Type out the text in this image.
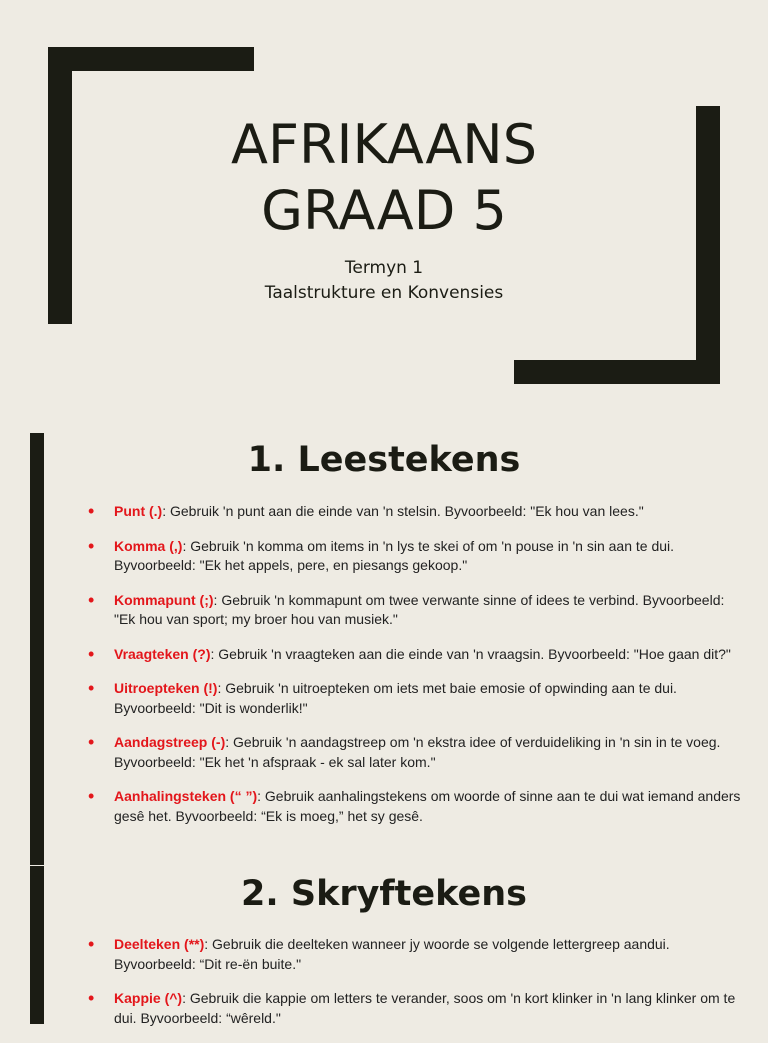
AFRIKAANS
GRAAD 5
Termyn 1
Taalstrukture en Konvensies
1. Leestekens
• Punt (.): Gebruik 'n punt aan die einde van 'n stelsin. Byvoorbeeld: "Ek hou van lees."
• Komma (,): Gebruik 'n komma om items in 'n lys te skei of om 'n pouse in 'n sin aan te dui. Byvoorbeeld: "Ek het appels, pere, en piesangs gekoop."
• Kommapunt (;): Gebruik 'n kommapunt om twee verwante sinne of idees te verbind. Byvoorbeeld: "Ek hou van sport; my broer hou van musiek."
• Vraagteken (?): Gebruik 'n vraagteken aan die einde van 'n vraagsin. Byvoorbeeld: "Hoe gaan dit?"
• Uitroepteken (!): Gebruik 'n uitroepteken om iets met baie emosie of opwinding aan te dui. Byvoorbeeld: "Dit is wonderlik!"
• Aandagstreep (-): Gebruik 'n aandagstreep om 'n ekstra idee of verduideliking in 'n sin in te voeg. Byvoorbeeld: "Ek het 'n afspraak - ek sal later kom."
• Aanhalingsteken (“ ”): Gebruik aanhalingstekens om woorde of sinne aan te dui wat iemand anders gesê het. Byvoorbeeld: “Ek is moeg,” het sy gesê.
2. Skryftekens
• Deelteken (**): Gebruik die deelteken wanneer jy woorde se volgende lettergreep aandui. Byvoorbeeld: “Dit re-ën buite."
• Kappie (^): Gebruik die kappie om letters te verander, soos om 'n kort klinker in 'n lang klinker om te dui. Byvoorbeeld: “wêreld."
